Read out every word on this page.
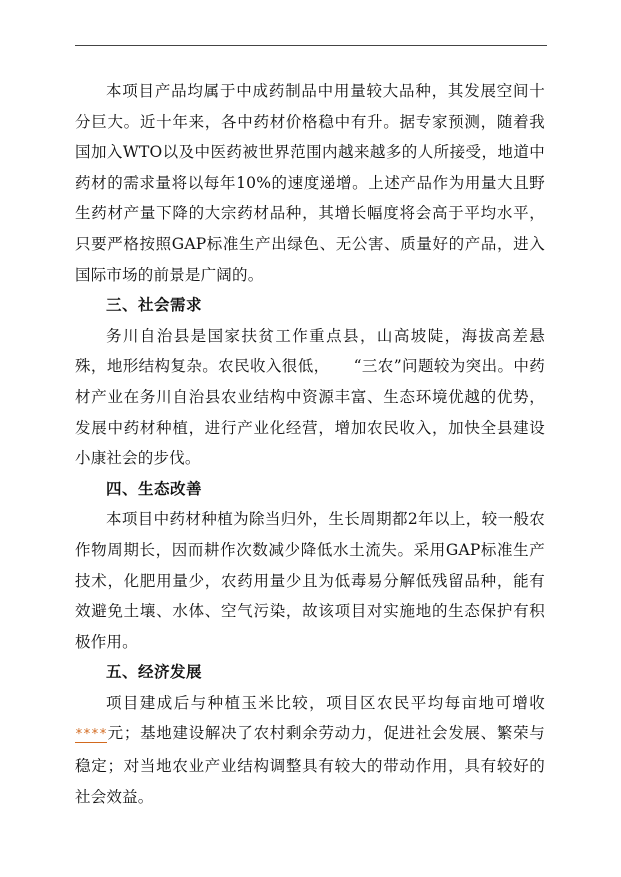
本项目产品均属于中成药制品中用量较大品种，其发展空间十分巨大。近十年来，各中药材价格稳中有升。据专家预测，随着我国加入WTO以及中医药被世界范围内越来越多的人所接受，地道中药材的需求量将以每年10%的速度递增。上述产品作为用量大且野生药材产量下降的大宗药材品种，其增长幅度将会高于平均水平，只要严格按照GAP标准生产出绿色、无公害、质量好的产品，进入国际市场的前景是广阔的。

三、社会需求

务川自治县是国家扶贫工作重点县，山高坡陡，海拔高差悬殊，地形结构复杂。农民收入很低，　　“三农”问题较为突出。中药材产业在务川自治县农业结构中资源丰富、生态环境优越的优势，发展中药材种植，进行产业化经营，增加农民收入，加快全县建设小康社会的步伐。

四、生态改善

本项目中药材种植为除当归外，生长周期都2年以上，较一般农作物周期长，因而耕作次数减少降低水土流失。采用GAP标准生产技术，化肥用量少，农药用量少且为低毒易分解低残留品种，能有效避免土壤、水体、空气污染，故该项目对实施地的生态保护有积极作用。

五、经济发展

项目建成后与种植玉米比较，项目区农民平均每亩地可增收****元；基地建设解决了农村剩余劳动力，促进社会发展、繁荣与稳定；对当地农业产业结构调整具有较大的带动作用，具有较好的社会效益。
